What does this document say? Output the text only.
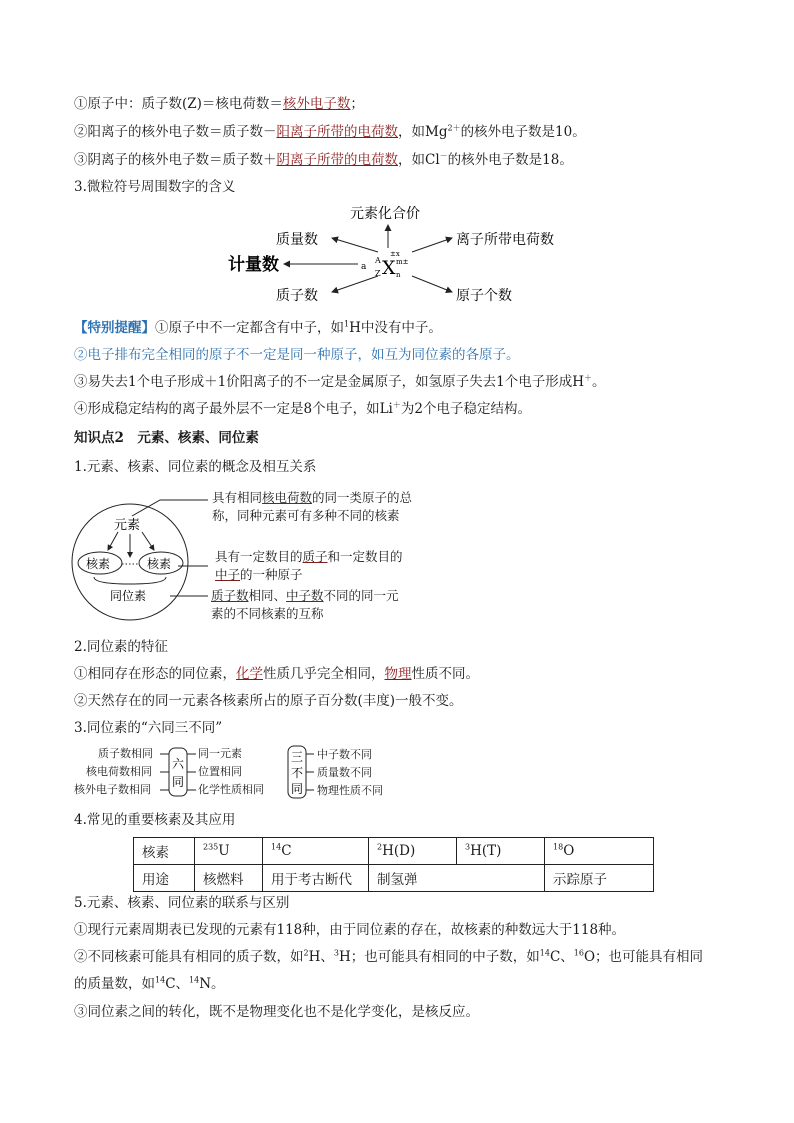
①原子中：质子数(Z)＝核电荷数＝核外电子数；
②阳离子的核外电子数＝质子数－阳离子所带的电荷数，如$Mg^{2+}$的核外电子数是10。
③阴离子的核外电子数＝质子数＋阴离子所带的电荷数，如Cl－的核外电子数是18。
3.微粒符号周围数字的含义
元素化合价
质量数
计量数
质子数
离子所带电荷数
原子个数
a
A
Z X
±x
m±
n
【特别提醒】①原子中不一定都含有中子，如$^1$H中没有中子。
②电子排布完全相同的原子不一定是同一种原子，如互为同位素的各原子。
③易失去1个电子形成＋1价阳离子的不一定是金属原子，如氢原子失去1个电子形成H＋。
④形成稳定结构的离子最外层不一定是8个电子，如Li＋为2个电子稳定结构。
知识点2　元素、核素、同位素
1.元素、核素、同位素的概念及相互关系
元素
核素	核素
同位素
具有相同核电荷数的同一类原子的总
称，同种元素可有多种不同的核素
具有一定数目的质子和一定数目的
中子的一种原子
质子数相同、中子数不同的同一元
素的不同核素的互称
2.同位素的特征
①相同存在形态的同位素，化学性质几乎完全相同，物理性质不同。
②天然存在的同一元素各核素所占的原子百分数(丰度)一般不变。
3.同位素的“六同三不同”
质子数相同
核电荷数相同
核外电子数相同
六
同
三
不
同
同一元素
位置相同
化学性质相同
中子数不同
质量数不同
物理性质不同
4.常见的重要核素及其应用
核素	$^{235}$U	$^{14}$C	$^2$H(D)	$^3$H(T)	$^{18}$O
用途	核燃料	用于考古断代	制氢弹		示踪原子
5.元素、核素、同位素的联系与区别
①现行元素周期表已发现的元素有118种，由于同位素的存在，故核素的种数远大于118种。
②不同核素可能具有相同的质子数，如$^2$H、$^3$H；也可能具有相同的中子数，如$^{14}$C、$^{16}$O；也可能具有相同
的质量数，如$^{14}$C、$^{14}$N。
③同位素之间的转化，既不是物理变化也不是化学变化，是核反应。
